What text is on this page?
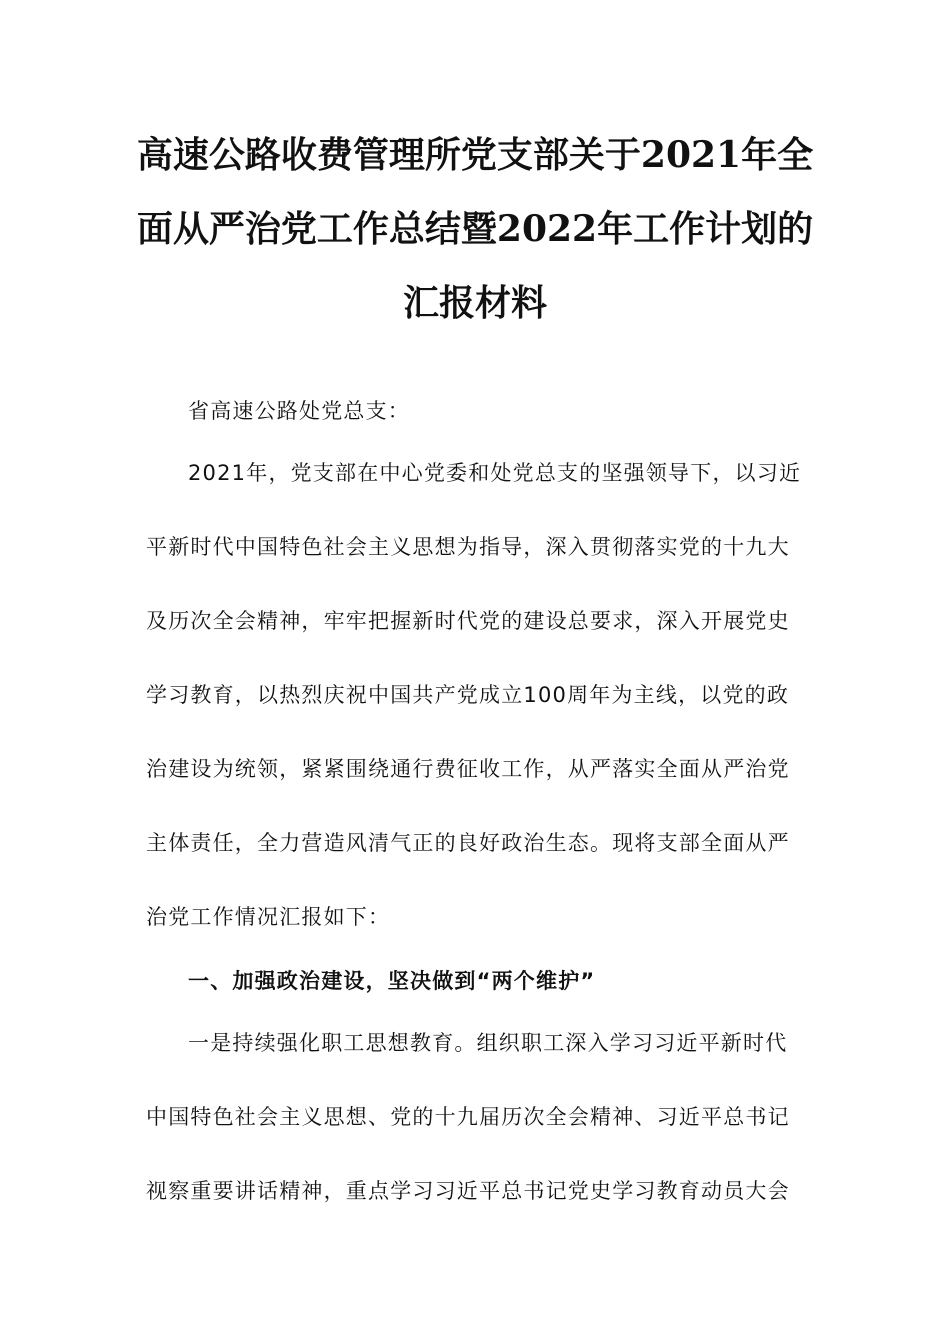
高速公路收费管理所党支部关于2021年全
面从严治党工作总结暨2022年工作计划的
汇报材料
省高速公路处党总支：
2021年，党支部在中心党委和处党总支的坚强领导下，以习近
平新时代中国特色社会主义思想为指导，深入贯彻落实党的十九大
及历次全会精神，牢牢把握新时代党的建设总要求，深入开展党史
学习教育，以热烈庆祝中国共产党成立100周年为主线，以党的政
治建设为统领，紧紧围绕通行费征收工作，从严落实全面从严治党
主体责任，全力营造风清气正的良好政治生态。现将支部全面从严
治党工作情况汇报如下：
一、加强政治建设，坚决做到“两个维护”
一是持续强化职工思想教育。组织职工深入学习习近平新时代
中国特色社会主义思想、党的十九届历次全会精神、习近平总书记
视察重要讲话精神，重点学习习近平总书记党史学习教育动员大会
